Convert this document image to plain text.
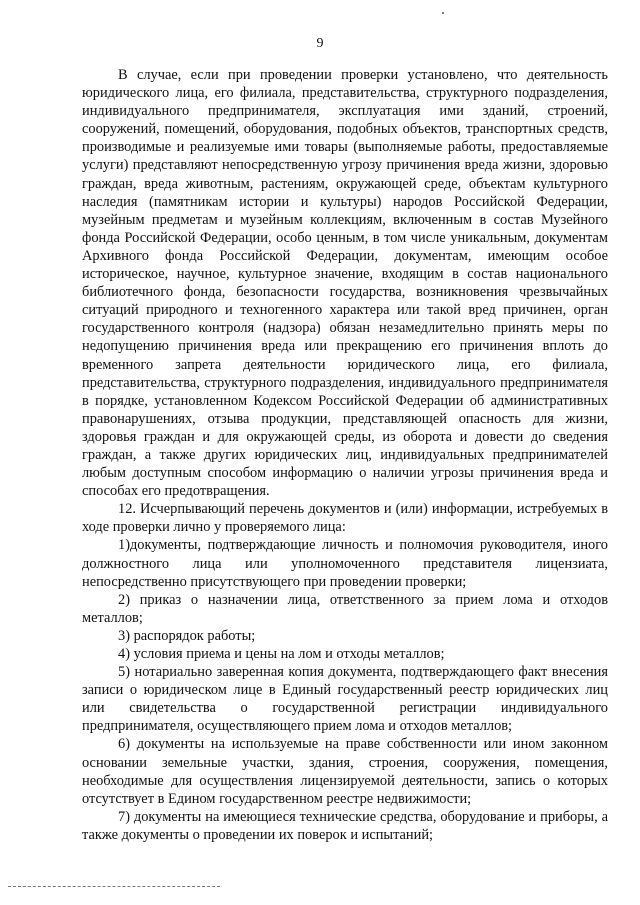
9

В случае, если при проведении проверки установлено, что деятельность юридического лица, его филиала, представительства, структурного подразделения, индивидуального предпринимателя, эксплуатация ими зданий, строений, сооружений, помещений, оборудования, подобных объектов, транспортных средств, производимые и реализуемые ими товары (выполняемые работы, предоставляемые услуги) представляют непосредственную угрозу причинения вреда жизни, здоровью граждан, вреда животным, растениям, окружающей среде, объектам культурного наследия (памятникам истории и культуры) народов Российской Федерации, музейным предметам и музейным коллекциям, включенным в состав Музейного фонда Российской Федерации, особо ценным, в том числе уникальным, документам Архивного фонда Российской Федерации, документам, имеющим особое историческое, научное, культурное значение, входящим в состав национального библиотечного фонда, безопасности государства, возникновения чрезвычайных ситуаций природного и техногенного характера или такой вред причинен, орган государственного контроля (надзора) обязан незамедлительно принять меры по недопущению причинения вреда или прекращению его причинения вплоть до временного запрета деятельности юридического лица, его филиала, представительства, структурного подразделения, индивидуального предпринимателя в порядке, установленном Кодексом Российской Федерации об административных правонарушениях, отзыва продукции, представляющей опасность для жизни, здоровья граждан и для окружающей среды, из оборота и довести до сведения граждан, а также других юридических лиц, индивидуальных предпринимателей любым доступным способом информацию о наличии угрозы причинения вреда и способах его предотвращения.

12. Исчерпывающий перечень документов и (или) информации, истребуемых в ходе проверки лично у проверяемого лица:

1)документы, подтверждающие личность и полномочия руководителя, иного должностного лица или уполномоченного представителя лицензиата, непосредственно присутствующего при проведении проверки;

2) приказ о назначении лица, ответственного за прием лома и отходов металлов;

3) распорядок работы;

4) условия приема и цены на лом и отходы металлов;

5) нотариально заверенная копия документа, подтверждающего факт внесения записи о юридическом лице в Единый государственный реестр юридических лиц или свидетельства о государственной регистрации индивидуального предпринимателя, осуществляющего прием лома и отходов металлов;

6) документы на используемые на праве собственности или ином законном основании земельные участки, здания, строения, сооружения, помещения, необходимые для осуществления лицензируемой деятельности, запись о которых отсутствует в Едином государственном реестре недвижимости;

7) документы на имеющиеся технические средства, оборудование и приборы, а также документы о проведении их поверок и испытаний;
